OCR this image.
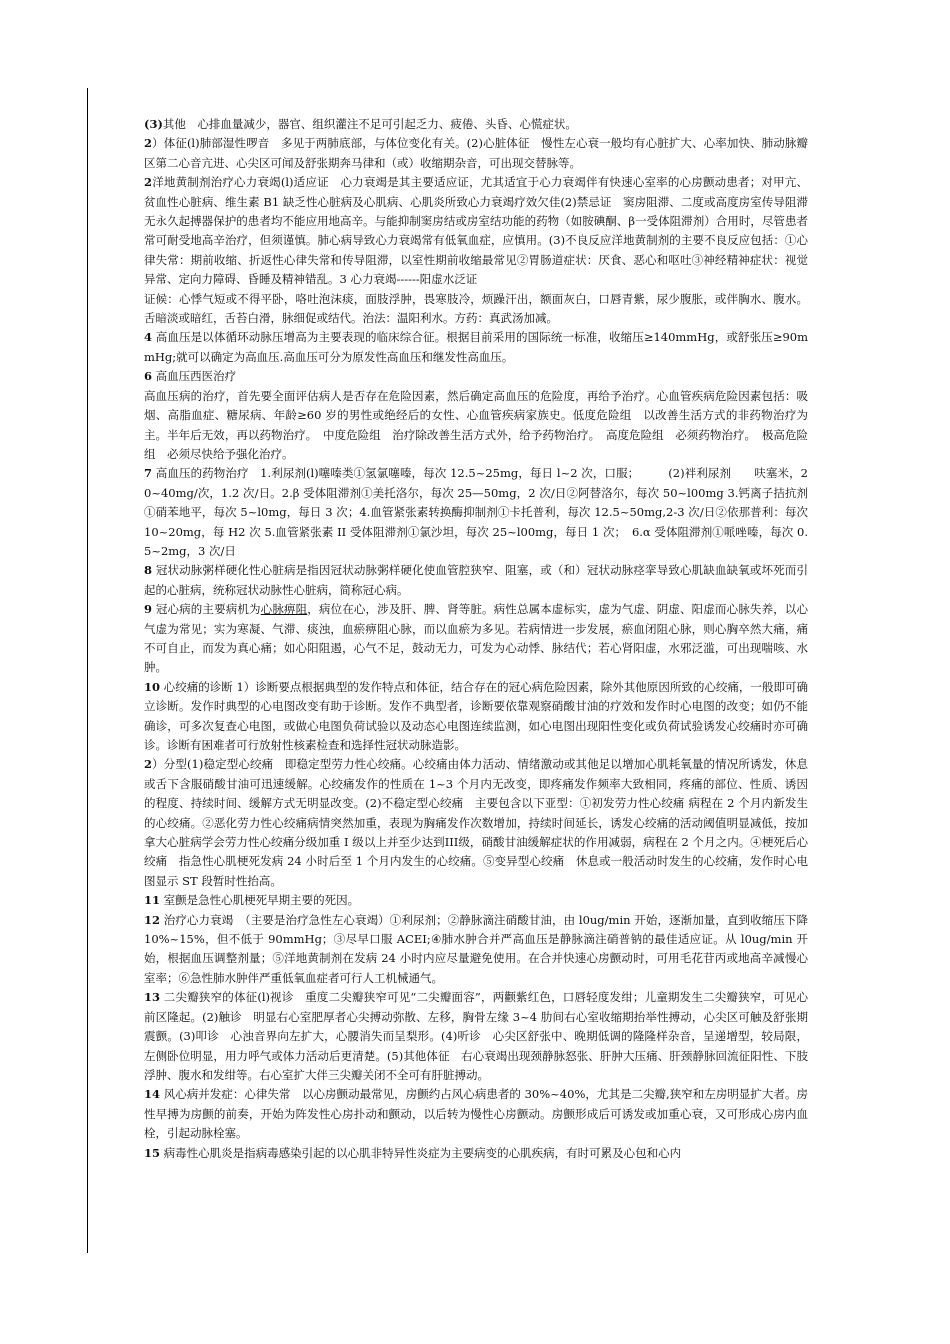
(3)其他　心排血量减少，器官、组织灌注不足可引起乏力、疲倦、头昏、心慌症状。

2）体征(l)肺部湿性啰音　多见于两肺底部，与体位变化有关。(2)心脏体征　慢性左心衰一般均有心脏扩大、心率加快、肺动脉瓣区第二心音亢进、心尖区可闻及舒张期奔马律和（或）收缩期杂音，可出现交替脉等。

2洋地黄制剂治疗心力衰竭(l)适应证　心力衰竭是其主要适应证，尤其适宜于心力衰竭伴有快速心室率的心房颤动患者；对甲亢、贫血性心脏病、维生素 B1 缺乏性心脏病及心肌病、心肌炎所致心力衰竭疗效欠佳(2)禁忌证　窦房阻滞、二度或高度房室传导阻滞无永久起搏器保护的患者均不能应用地高辛。与能抑制窦房结或房室结功能的药物（如胺碘酮、β一受体阻滞剂）合用时，尽管患者常可耐受地高辛治疗，但须谨慎。肺心病导致心力衰竭常有低氧血症，应慎用。(3)不良反应洋地黄制剂的主要不良反应包括：①心律失常：期前收缩、折返性心律失常和传导阻滞，以室性期前收缩最常见②胃肠道症状：厌食、恶心和呕吐③神经精神症状：视觉异常、定向力障碍、昏睡及精神错乱。3 心力衰竭------阳虚水泛证

证候：心悸气短或不得平卧，咯吐泡沫痰，面肢浮肿，畏寒肢冷，烦躁汗出，额面灰白，口唇青紫，尿少腹胀，或伴胸水、腹水。舌暗淡或暗红，舌苔白滑，脉细促或结代。治法：温阳利水。方药：真武汤加减。

4 高血压是以体循环动脉压增高为主要表现的临床综合征。根据目前采用的国际统一标准，收缩压≥140mmHg，或舒张压≥90mmHg;就可以确定为高血压.高血压可分为原发性高血压和继发性高血压。

6 高血压西医治疗

高血压病的治疗，首先要全面评估病人是否存在危险因素，然后确定高血压的危险度，再给予治疗。心血管疾病危险因素包括：吸烟、高脂血症、糖尿病、年龄≥60 岁的男性或绝经后的女性、心血管疾病家族史。低度危险组　以改善生活方式的非药物治疗为主。半年后无效，再以药物治疗。　中度危险组　治疗除改善生活方式外，给予药物治疗。　高度危险组　必须药物治疗。　极高危险组　必须尽快给予强化治疗。

7 高血压的药物治疗　1.利尿剂(l)噻嗪类①氢氯噻嗪，每次 12.5~25mg，每日 l~2 次，口服；　　　(2)袢利尿剂　　呋塞米，20~40mg/次，1.2 次/日。2.β 受体阻滞剂①美托洛尔，每次 25—50mg，2 次/日②阿替洛尔，每次 50~l00mg 3.钙离子拮抗剂①硝苯地平，每次 5~l0mg，每日 3 次；4.血管紧张素转换酶抑制剂①卡托普利，每次 12.5~50mg,2-3 次/日②依那普利：每次 10~20mg，每 H2 次 5.血管紧张素 II 受体阻滞剂①氯沙坦，每次 25~l00mg，每日 1 次；　6.α 受体阻滞剂①哌唑嗪，每次 0.5~2mg，3 次/日

8 冠状动脉粥样硬化性心脏病是指因冠状动脉粥样硬化使血管腔狭窄、阻塞，或（和）冠状动脉痉挛导致心肌缺血缺氧或坏死而引起的心脏病，统称冠状动脉性心脏病，简称冠心病。

9 冠心病的主要病机为心脉痹阻，病位在心，涉及肝、脾、肾等脏。病性总属本虚标实，虚为气虚、阴虚、阳虚而心脉失养，以心气虚为常见；实为寒凝、气滞、痰浊，血瘀痹阻心脉，而以血瘀为多见。若病情进一步发展，瘀血闭阻心脉，则心胸卒然大痛，痛不可自止，而发为真心痛；如心阳阻遏，心气不足，鼓动无力，可发为心动悸、脉结代；若心肾阳虚，水邪泛滥，可出现喘咳、水肿。

10 心绞痛的诊断 1）诊断要点根据典型的发作特点和体征，结合存在的冠心病危险因素，除外其他原因所致的心绞痛，一般即可确立诊断。发作时典型的心电图改变有助于诊断。发作不典型者，诊断要依靠观察硝酸甘油的疗效和发作时心电图的改变；如仍不能确诊，可多次复查心电图，或做心电图负荷试验以及动态心电图连续监测，如心电图出现阳性变化或负荷试验诱发心绞痛时亦可确诊。诊断有困难者可行放射性核素检查和选择性冠状动脉造影。

2）分型(1)稳定型心绞痛　即稳定型劳力性心绞痛。心绞痛由体力活动、情绪激动或其他足以增加心肌耗氧量的情况所诱发，休息或舌下含服硝酸甘油可迅速缓解。心绞痛发作的性质在 1~3 个月内无改变，即疼痛发作频率大致相同，疼痛的部位、性质、诱因的程度、持续时间、缓解方式无明显改变。(2)不稳定型心绞痛　主要包含以下亚型：①初发劳力性心绞痛 病程在 2 个月内新发生的心绞痛。②恶化劳力性心绞痛病情突然加重，表现为胸痛发作次数增加，持续时间延长，诱发心绞痛的活动阈值明显减低，按加拿大心脏病学会劳力性心绞痛分级加重 I 级以上并至少达到III级，硝酸甘油缓解症状的作用减弱，病程在 2 个月之内。④梗死后心绞痛　指急性心肌梗死发病 24 小时后至 1 个月内发生的心绞痛。⑤变异型心绞痛　休息或一般活动时发生的心绞痛，发作时心电图显示 ST 段暂时性抬高。

11 室颤是急性心肌梗死早期主要的死因。

12 治疗心力衰竭　（主要是治疗急性左心衰竭）①利尿剂；②静脉滴注硝酸甘油，由 l0ug/min 开始，逐渐加量，直到收缩压下降 10%~15%，但不低于 90mmHg；③尽早口服 ACEI;④肺水肿合并严高血压是静脉滴注硝普钠的最佳适应证。从 l0ug/min 开始，根据血压调整剂量；⑤洋地黄制剂在发病 24 小时内应尽量避免使用。在合并快速心房颤动时，可用毛花苷丙或地高辛减慢心室率；⑥急性肺水肿伴严重低氧血症者可行人工机械通气。

13 二尖瓣狭窄的体征(l)视诊　重度二尖瓣狭窄可见“二尖瓣面容”，两颧紫红色，口唇轻度发绀；儿童期发生二尖瓣狭窄，可见心前区隆起。(2)触诊　明显右心室肥厚者心尖搏动弥散、左移，胸骨左缘 3~4 肋间右心室收缩期抬举性搏动，心尖区可触及舒张期震颤。(3)叩诊　心浊音界向左扩大，心腰消失而呈梨形。(4)听诊　心尖区舒张中、晚期低调的隆隆样杂音，呈递增型，较局限，左侧卧位明显，用力呼气或体力活动后更清楚。(5)其他体征　右心衰竭出现颈静脉怒张、肝肿大压痛、肝颈静脉回流征阳性、下肢浮肿、腹水和发绀等。右心室扩大伴三尖瓣关闭不全可有肝脏搏动。

14 风心病并发症：心律失常　以心房颤动最常见，房颤约占风心病患者的 30%~40%，尤其是二尖瓣,狭窄和左房明显扩大者。房性早搏为房颤的前奏，开始为阵发性心房扑动和颤动，以后转为慢性心房颤动。房颤形成后可诱发或加重心衰，又可形成心房内血栓，引起动脉栓塞。

15 病毒性心肌炎是指病毒感染引起的以心肌非特异性炎症为主要病变的心肌疾病，有时可累及心包和心内
